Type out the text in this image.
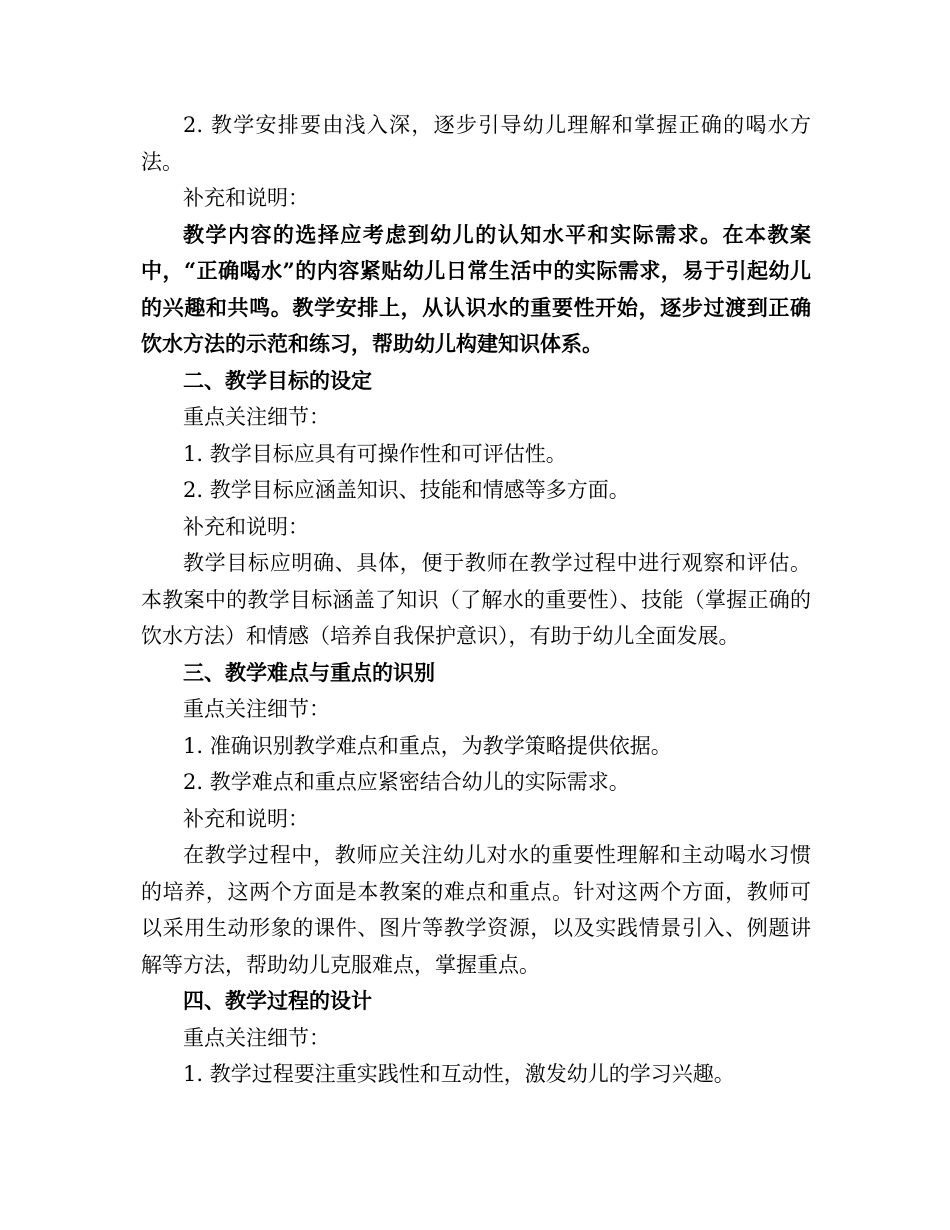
2. 教学安排要由浅入深，逐步引导幼儿理解和掌握正确的喝水方法。

补充和说明：

教学内容的选择应考虑到幼儿的认知水平和实际需求。在本教案中，“正确喝水”的内容紧贴幼儿日常生活中的实际需求，易于引起幼儿的兴趣和共鸣。教学安排上，从认识水的重要性开始，逐步过渡到正确饮水方法的示范和练习，帮助幼儿构建知识体系。

二、教学目标的设定

重点关注细节：

1. 教学目标应具有可操作性和可评估性。

2. 教学目标应涵盖知识、技能和情感等多方面。

补充和说明：

教学目标应明确、具体，便于教师在教学过程中进行观察和评估。本教案中的教学目标涵盖了知识（了解水的重要性）、技能（掌握正确的饮水方法）和情感（培养自我保护意识），有助于幼儿全面发展。

三、教学难点与重点的识别

重点关注细节：

1. 准确识别教学难点和重点，为教学策略提供依据。

2. 教学难点和重点应紧密结合幼儿的实际需求。

补充和说明：

在教学过程中，教师应关注幼儿对水的重要性理解和主动喝水习惯的培养，这两个方面是本教案的难点和重点。针对这两个方面，教师可以采用生动形象的课件、图片等教学资源，以及实践情景引入、例题讲解等方法，帮助幼儿克服难点，掌握重点。

四、教学过程的设计

重点关注细节：

1. 教学过程要注重实践性和互动性，激发幼儿的学习兴趣。
